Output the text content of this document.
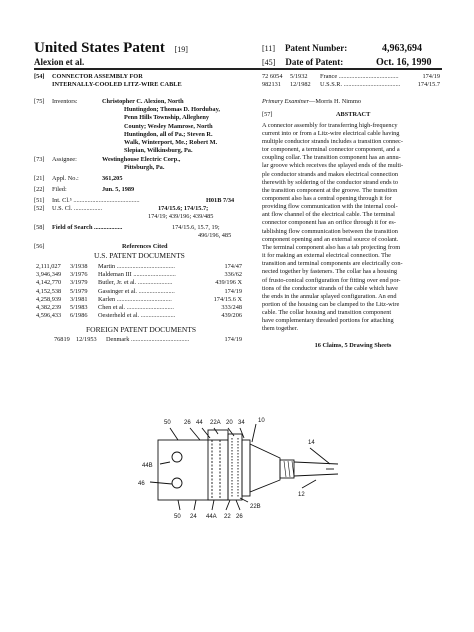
United States Patent [19]
Alexion et al.
[11] Patent Number:	4,963,694
[45] Date of Patent:	Oct. 16, 1990
[54] CONNECTOR ASSEMBLY FOR
INTERNALLY-COOLED LITZ-WIRE CABLE
[75] Inventors:	Christopher C. Alexion, North
Huntingdon; Thomas D. Hordubay,
Penn Hills Township, Allegheny
County; Wesley Mamrose, North
Huntingdon, all of Pa.; Steven R.
Walk, Winterport, Me.; Robert M.
Slepian, Wilkinsburg, Pa.
[73] Assignee:	Westinghouse Electric Corp.,
Pittsburgh, Pa.
[21] Appl. No.:	361,205
[22] Filed:	Jun. 5, 1989
[51] Int. Cl.⁵ ..........................................	H01B 7/34
[52] U.S. Cl. ..................	174/15.6; 174/15.7;
174/19; 439/196; 439/485
[58] Field of Search ..................	174/15.6, 15.7, 19;
496/196, 485
[56]	References Cited
U.S. PATENT DOCUMENTS
2,111,027 3/1938 Martin .....................................	174/47
3,946,349 3/1976 Haldeman III ...........................	336/62
4,142,770 3/1979 Butler, Jr. et al. ......................	439/196 X
4,152,538 5/1979 Gassinger et al. .......................	174/19
4,258,939 3/1981 Karlen ...................................	174/15.6 X
4,382,239 5/1983 Chen et al. ..............................	333/248
4,596,433 6/1986 Oesterheld et al. ......................	439/206
FOREIGN PATENT DOCUMENTS
76819 12/1953 Denmark .....................................	174/19
72 6054 5/1932 France ......................................	174/19
982131 12/1982 U.S.S.R. ....................................	174/15.7
Primary Examiner—Morris H. Nimmo
[57]	ABSTRACT
A connector assembly for transferring high-frequency
current into or from a Litz-wire electrical cable having
multiple conductor strands includes a transition connec-
tor component, a terminal connector component, and a
coupling collar. The transition component has an annu-
lar groove which receives the splayed ends of the multi-
ple conductor strands and makes electrical connection
therewith by soldering of the conductor strand ends to
the transition component at the groove. The transition
component also has a central opening through it for
providing flow communication with the internal cool-
ant flow channel of the electrical cable. The terminal
connector component has an orifice through it for es-
tablishing flow communication between the transition
component opening and an external source of coolant.
The terminal component also has a tab projecting from
it for making an external electrical connection. The
transition and terminal components are electrically con-
nected together by fasteners. The collar has a housing
of frusto-conical configuration for fitting over end por-
tions of the conductor strands of the cable which have
the ends in the annular splayed configuration. An end
portion of the housing can be clamped to the Litz-wire
cable. The collar housing and transition component
have complementary threaded portions for attaching
them together.
16 Claims, 5 Drawing Sheets
50 26 44 22A 20 34 10
14
12
44B
46
22B
50 24 44A 22 26
